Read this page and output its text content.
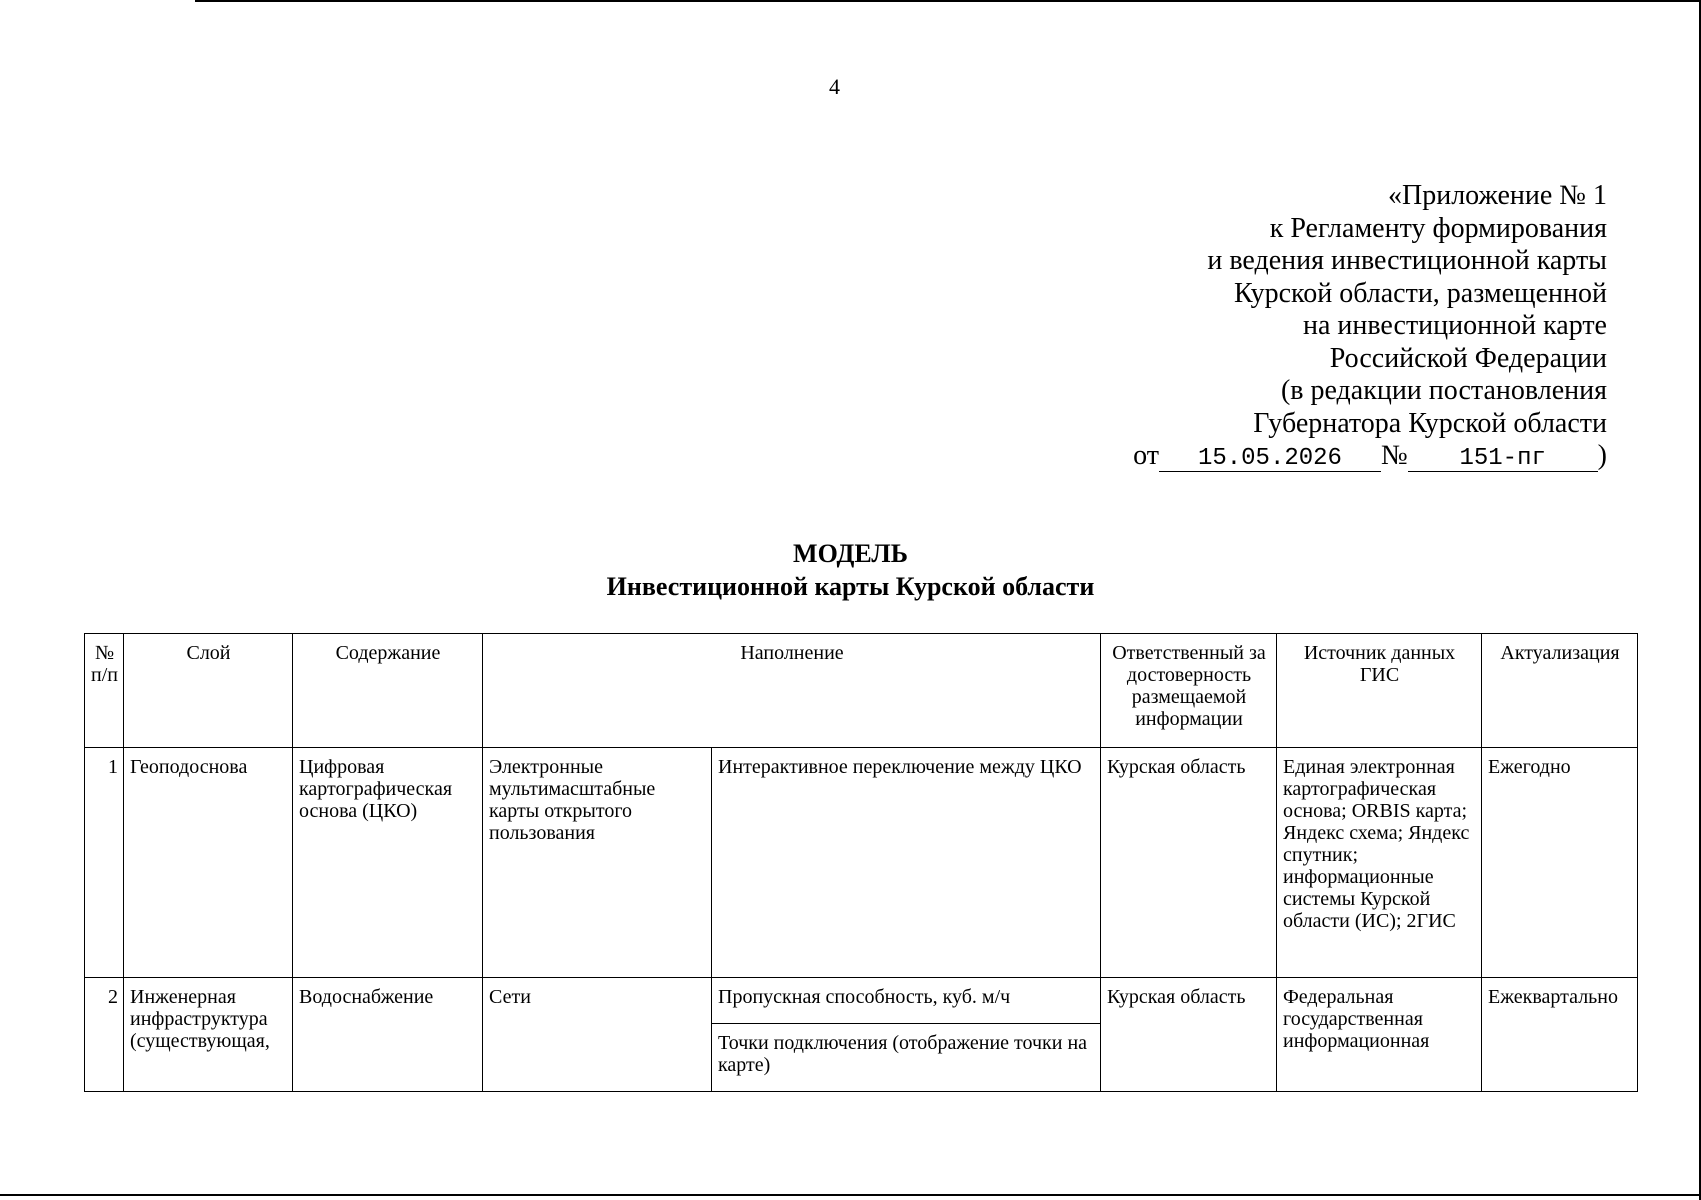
4
«Приложение № 1
к Регламенту формирования
и ведения инвестиционной карты
Курской области, размещенной
на инвестиционной карте
Российской Федерации
(в редакции постановления
Губернатора Курской области
от 15.05.2026 № 151-пг )
МОДЕЛЬ
Инвестиционной карты Курской области
№ п/п	Слой	Содержание	Наполнение		Ответственный за достоверность размещаемой информации	Источник данных ГИС	Актуализация
1	Геоподоснова	Цифровая картографическая основа (ЦКО)	Электронные мультимасштабные карты открытого пользования	Интерактивное переключение между ЦКО	Курская область	Единая электронная картографическая основа; ORBIS карта; Яндекс схема; Яндекс спутник; информационные системы Курской области (ИС); 2ГИС	Ежегодно
2	Инженерная инфраструктура (существующая,	Водоснабжение	Сети	Пропускная способность, куб. м/ч	Курская область	Федеральная государственная информационная	Ежеквартально
				Точки подключения (отображение точки на карте)			
